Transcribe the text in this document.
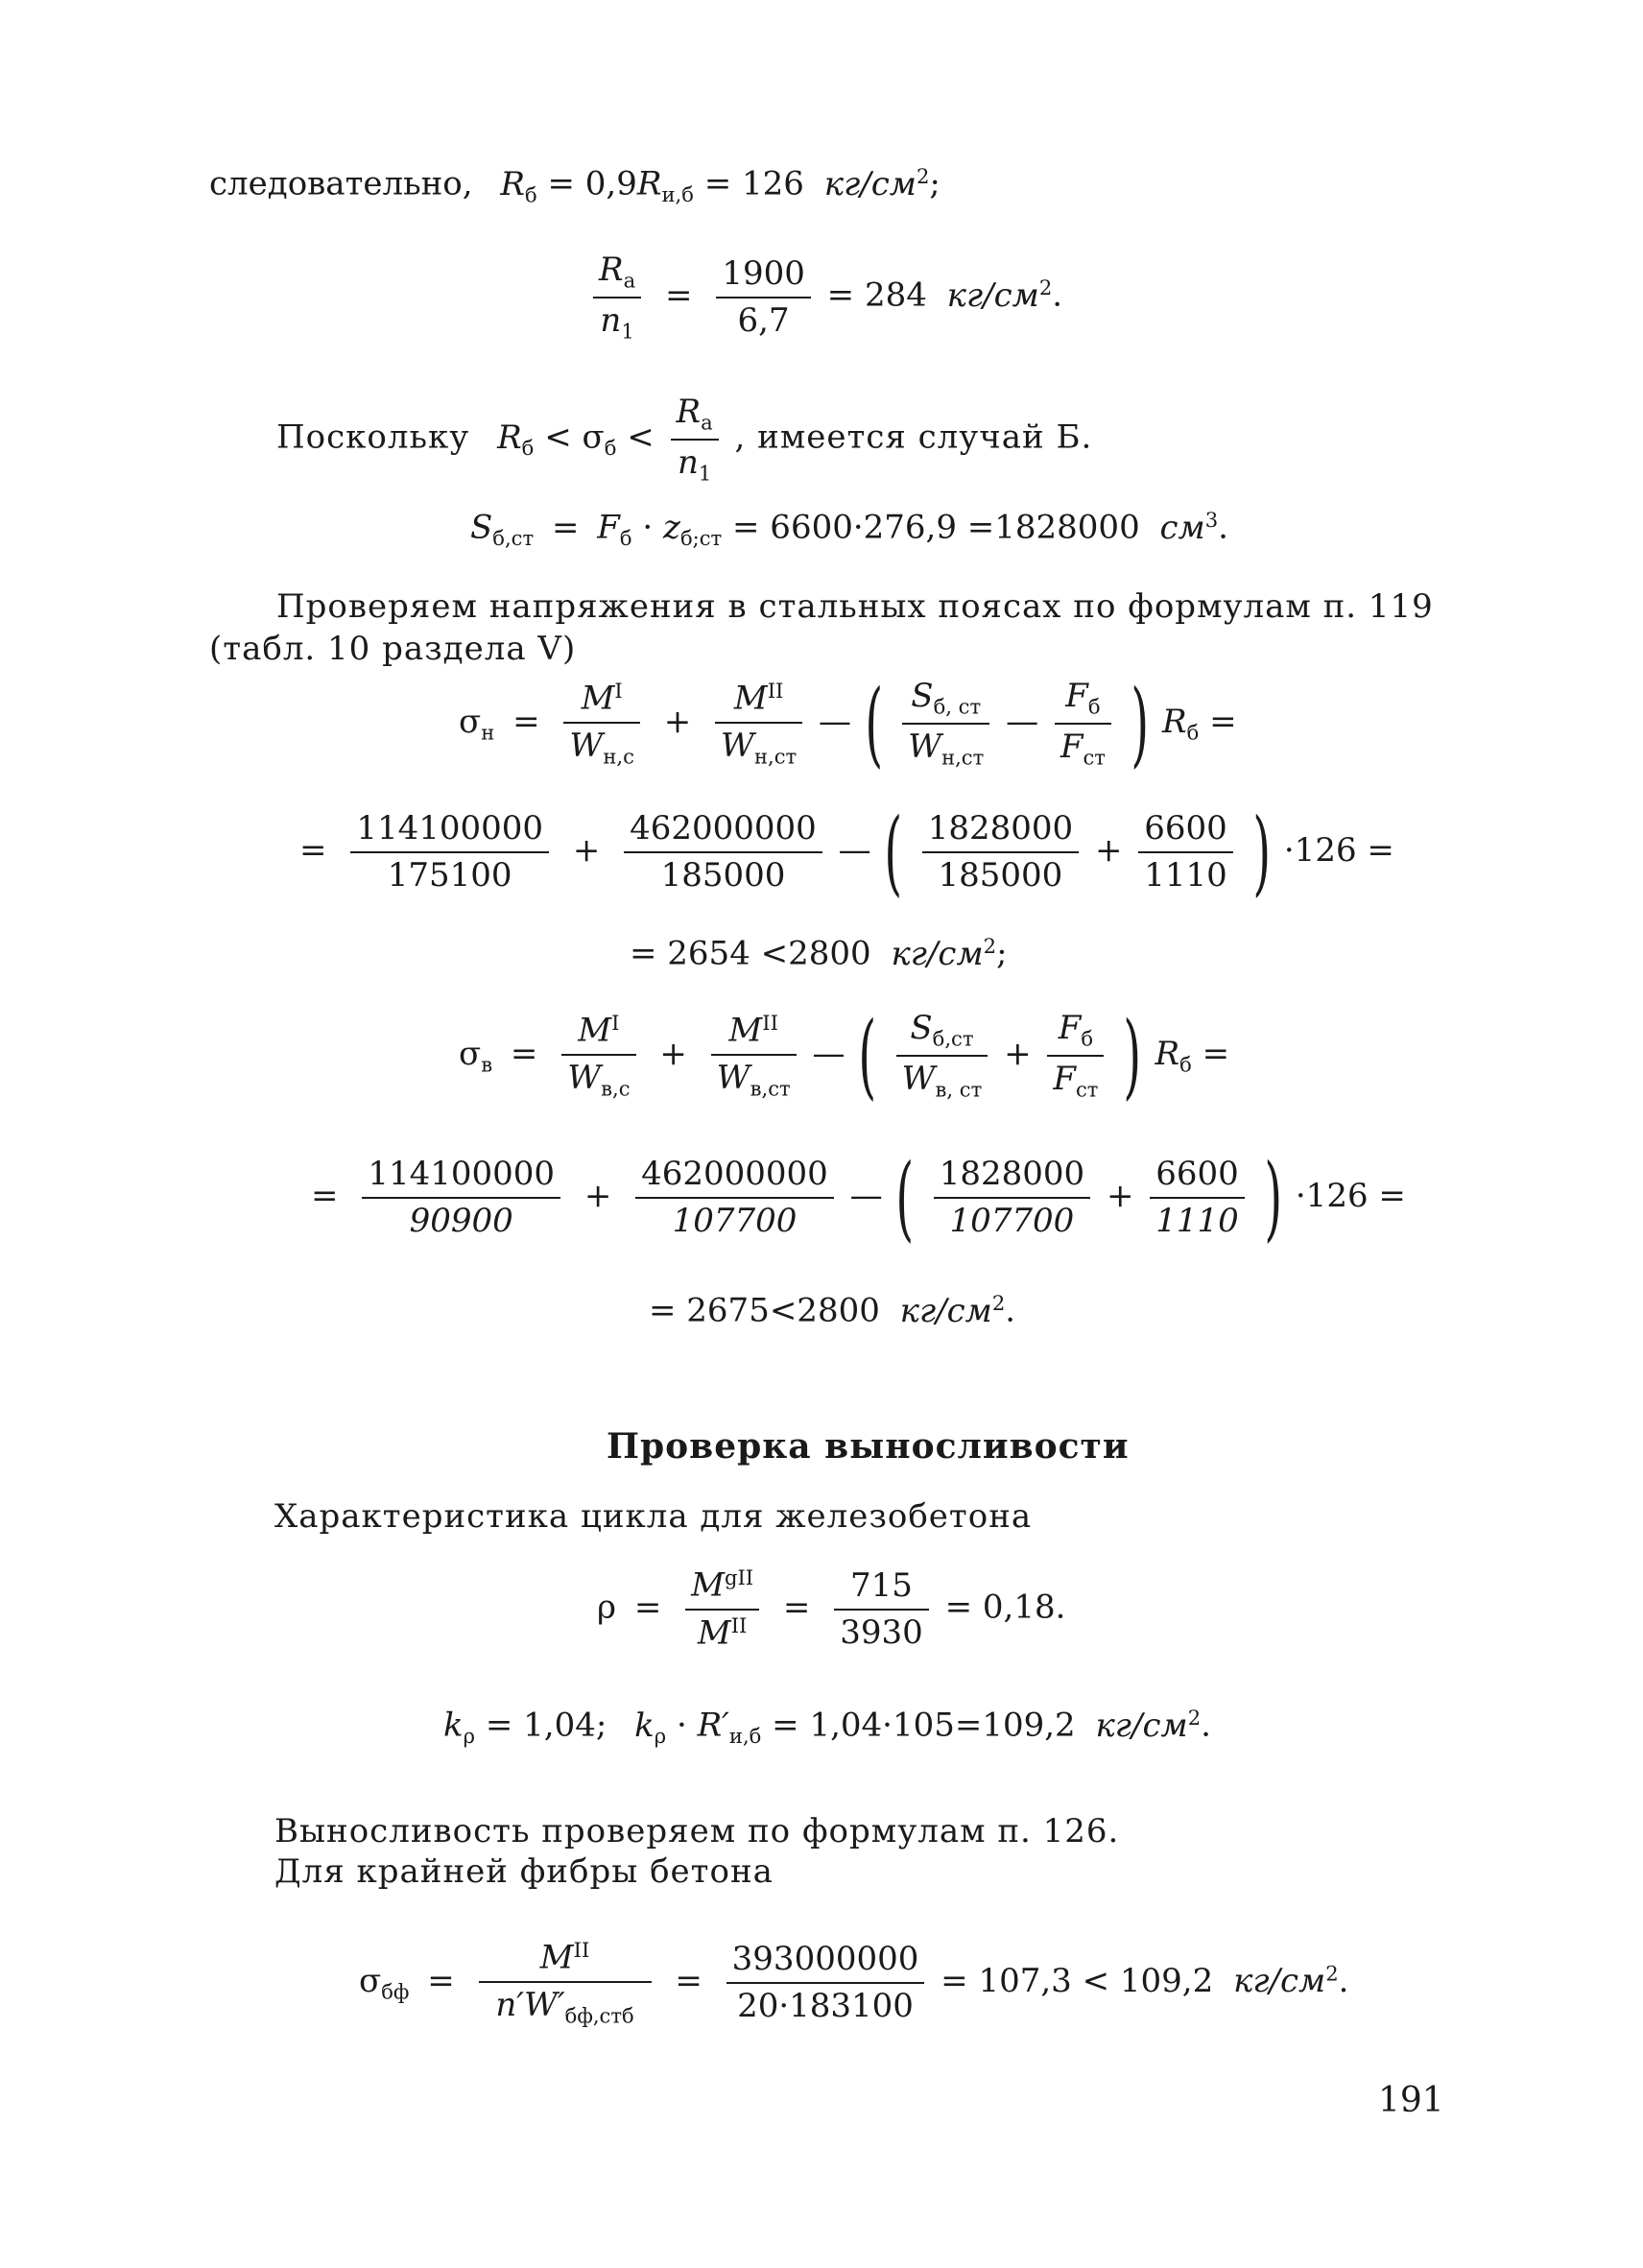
следовательно, $R_б = 0,9R_{и,б} = 126$ $кг/см^2$;
$\frac{R_a}{n_1} = \frac{1900}{6,7} = 284$ $кг/см^2$.
Поскольку $R_б < \sigma_б < \frac{R_a}{n_1}$ , имеется случай Б.
$S_{б,ст} = F_б \cdot z_{б;ст} = 6600\cdot 276,9 =1828000$ $см^3$.
Проверяем напряжения в стальных поясах по формулам п. 119 (табл. 10 раздела V)
$\sigma_н = \frac{M^I}{W_{н,с}} + \frac{M^{II}}{W_{н,ст}}$ — ( $\frac{S_{б, ст}}{W_{н,ст}}$ — $\frac{F_б}{F_{ст}}$ ) $R_б$ =
= $\frac{114100000}{175100} + \frac{462000000}{185000}$ — ( $\frac{1828000}{185000} + \frac{6600}{1110}$ ) ·126 =
= 2654 <2800 $кг/см^2$;
$\sigma_в = \frac{M^I}{W_{в,с}} + \frac{M^{II}}{W_{в,ст}}$ — ( $\frac{S_{б,ст}}{W_{в, ст}} + \frac{F_б}{F_{ст}}$ ) $R_б$ =
= $\frac{114100000}{90900} + \frac{462000000}{107700}$ — ( $\frac{1828000}{107700} + \frac{6600}{1110}$ ) ·126 =
= 2675<2800 $кг/см^2$.
Проверка выносливости
Характеристика цикла для железобетона
$\rho = \frac{M^{gII}}{M^{II}} = \frac{715}{3930} = 0,18$.
$k_\rho = 1,04$; $k_\rho \cdot R'_{и,б} = 1,04\cdot 105=109,2$ $кг/см^2$.
Выносливость проверяем по формулам п. 126.
Для крайней фибры бетона
$\sigma_{бф} = \frac{M^{II}}{n'W'_{бф,стб}} = \frac{393000000}{20\cdot 183100} = 107,3 < 109,2$ $кг/см^2$.
191
